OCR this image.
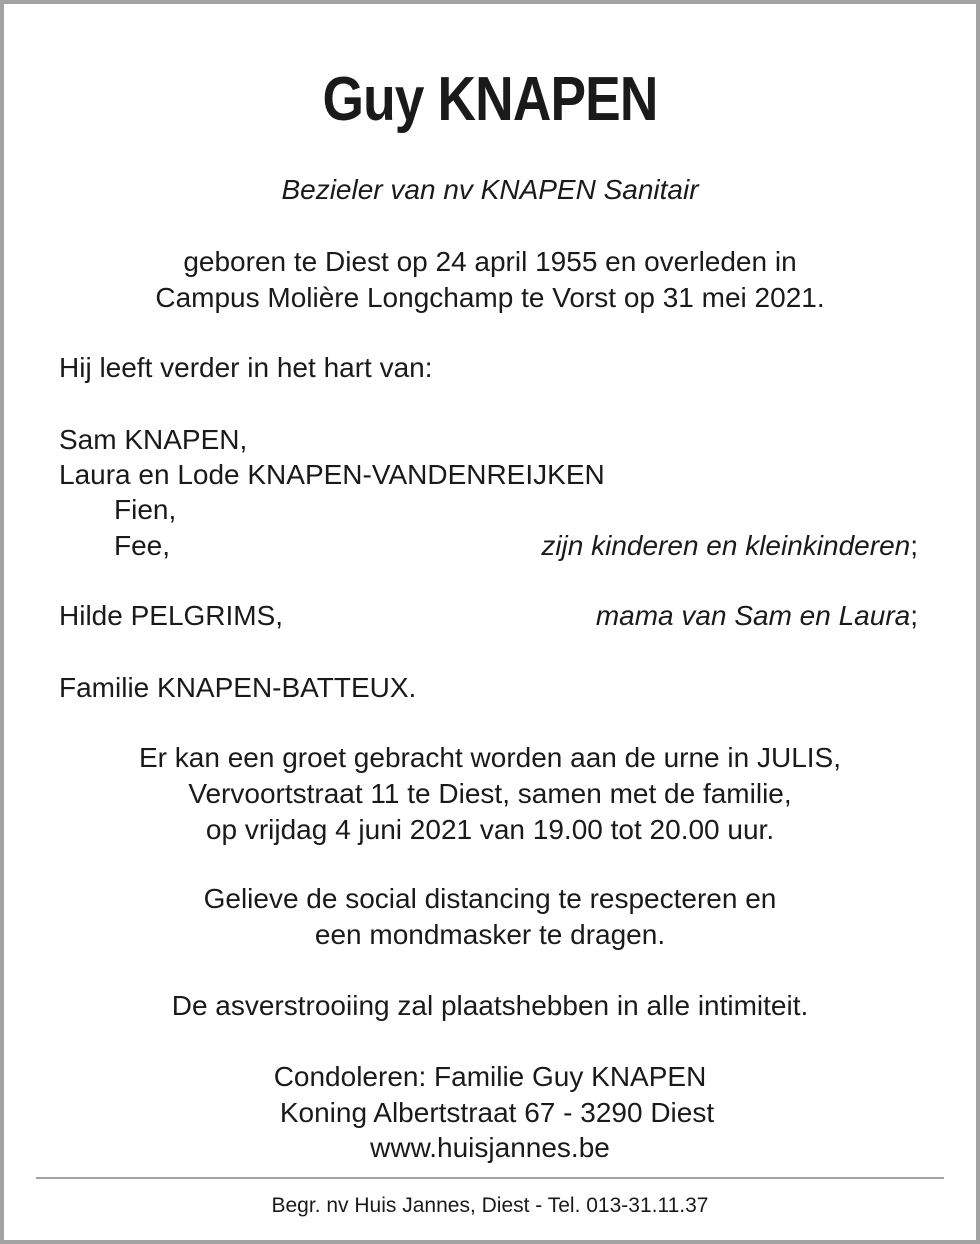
Guy KNAPEN
Bezieler van nv KNAPEN Sanitair
geboren te Diest op 24 april 1955 en overleden in
Campus Molière Longchamp te Vorst op 31 mei 2021.
Hij leeft verder in het hart van:
Sam KNAPEN,
Laura en Lode KNAPEN-VANDENREIJKEN
Fien,
Fee,	zijn kinderen en kleinkinderen;
Hilde PELGRIMS,	mama van Sam en Laura;
Familie KNAPEN-BATTEUX.
Er kan een groet gebracht worden aan de urne in JULIS,
Vervoortstraat 11 te Diest, samen met de familie,
op vrijdag 4 juni 2021 van 19.00 tot 20.00 uur.
Gelieve de social distancing te respecteren en
een mondmasker te dragen.
De asverstrooiing zal plaatshebben in alle intimiteit.
Condoleren: Familie Guy KNAPEN
Koning Albertstraat 67 - 3290 Diest
www.huisjannes.be
Begr. nv Huis Jannes, Diest - Tel. 013-31.11.37
